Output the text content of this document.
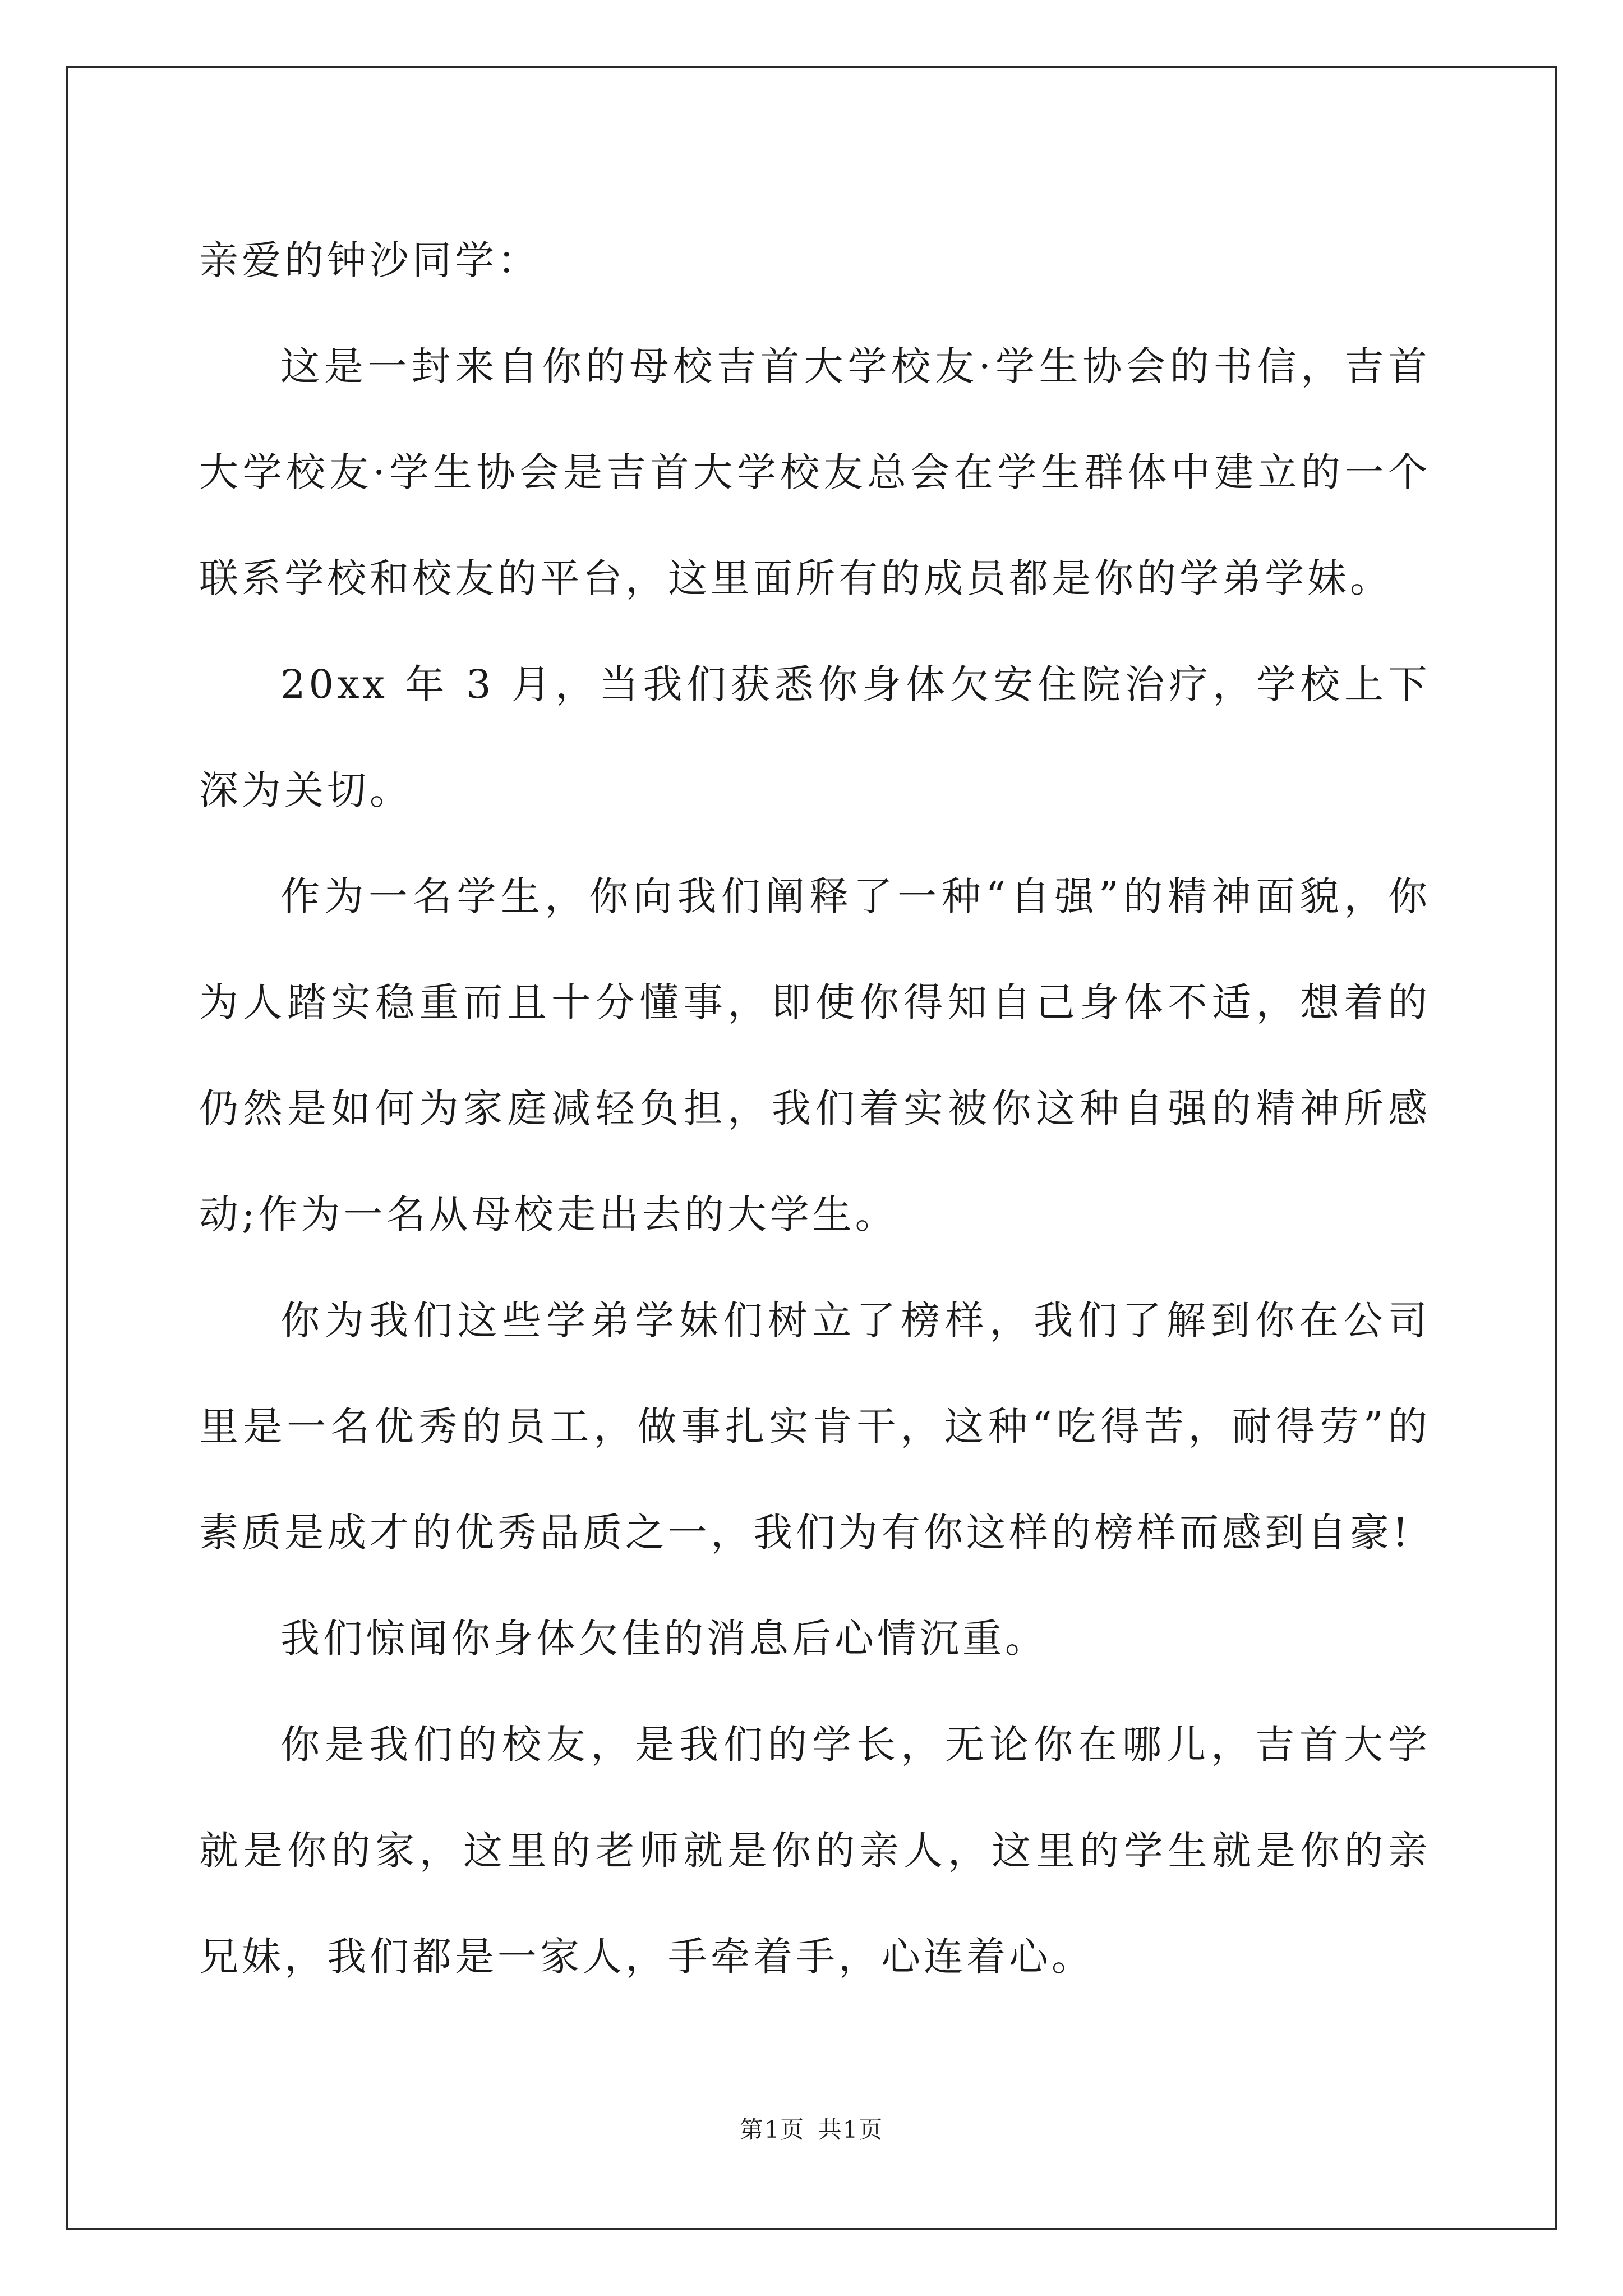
亲爱的钟沙同学：

这是一封来自你的母校吉首大学校友·学生协会的书信，吉首大学校友·学生协会是吉首大学校友总会在学生群体中建立的一个联系学校和校友的平台，这里面所有的成员都是你的学弟学妹。

20xx 年 3 月，当我们获悉你身体欠安住院治疗，学校上下深为关切。

作为一名学生，你向我们阐释了一种“自强”的精神面貌，你为人踏实稳重而且十分懂事，即使你得知自己身体不适，想着的仍然是如何为家庭减轻负担，我们着实被你这种自强的精神所感动;作为一名从母校走出去的大学生。

你为我们这些学弟学妹们树立了榜样，我们了解到你在公司里是一名优秀的员工，做事扎实肯干，这种“吃得苦，耐得劳”的素质是成才的优秀品质之一，我们为有你这样的榜样而感到自豪!

我们惊闻你身体欠佳的消息后心情沉重。

你是我们的校友，是我们的学长，无论你在哪儿，吉首大学就是你的家，这里的老师就是你的亲人，这里的学生就是你的亲兄妹，我们都是一家人，手牵着手，心连着心。

第1页 共1页
